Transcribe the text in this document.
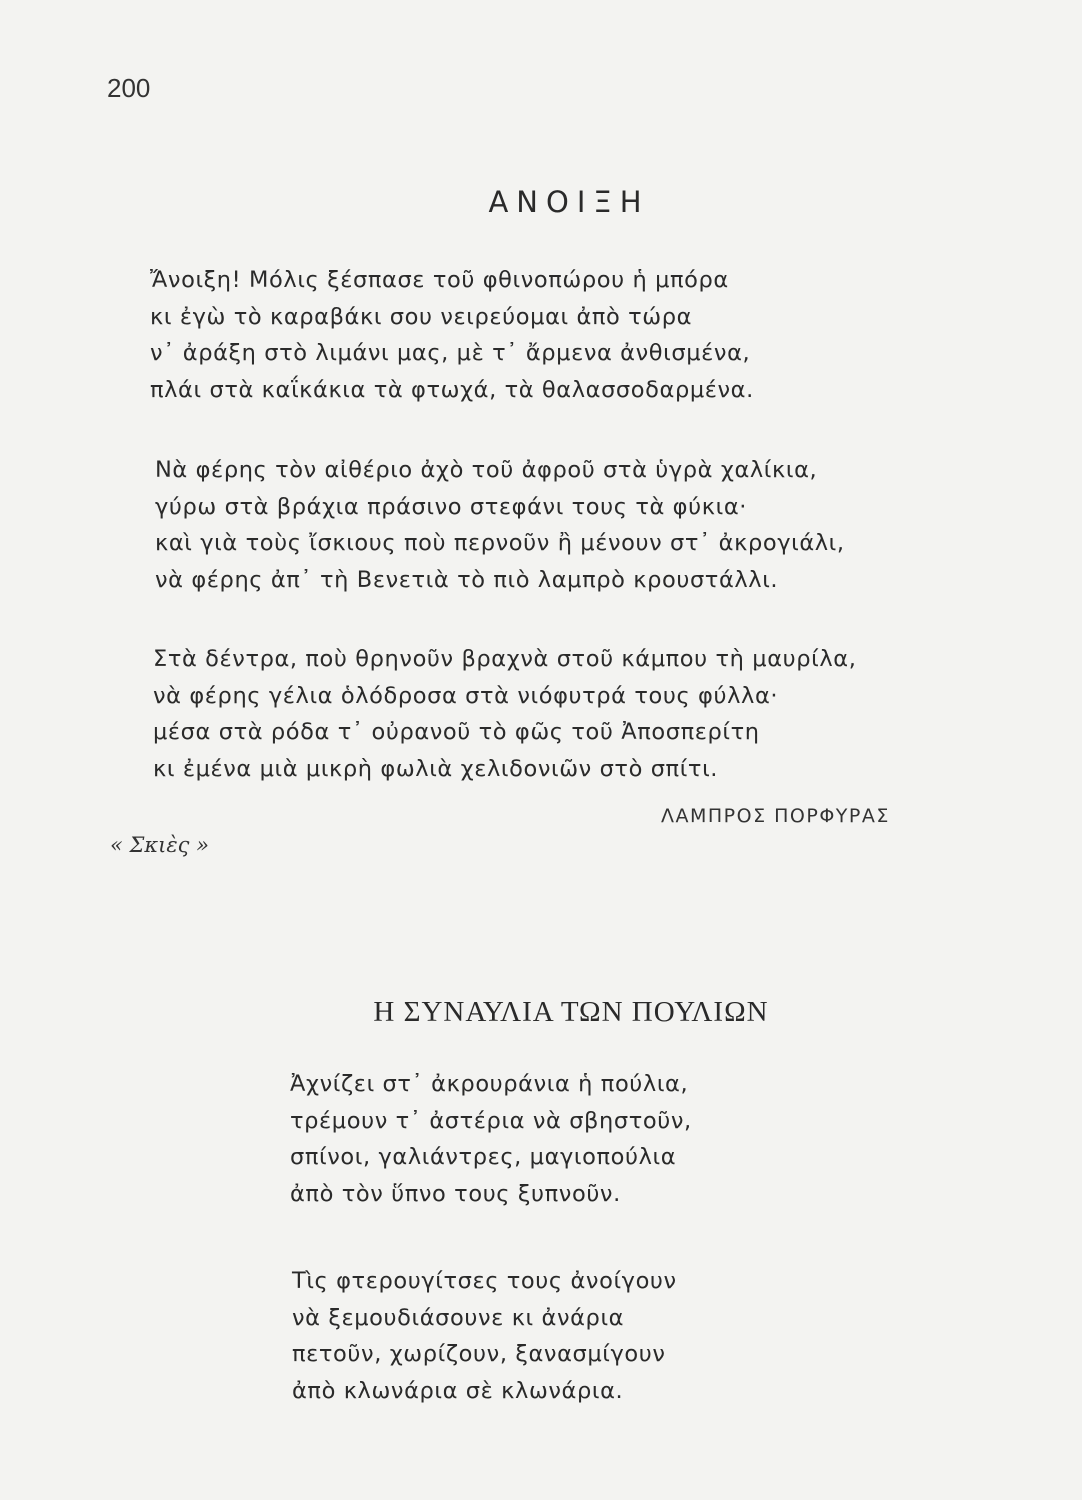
200
ΑΝΟΙΞΗ
Ἄνοιξη! Μόλις ξέσπασε τοῦ φθινοπώρου ἡ μπόρα
κι ἐγὼ τὸ καραβάκι σου νειρεύομαι ἀπὸ τώρα
ν᾽ ἀράξη στὸ λιμάνι μας, μὲ τ᾽ ἄρμενα ἀνθισμένα,
πλάι στὰ καΐκάκια τὰ φτωχά, τὰ θαλασσοδαρμένα.
Νὰ φέρης τὸν αἰθέριο ἀχὸ τοῦ ἀφροῦ στὰ ὑγρὰ χαλίκια,
γύρω στὰ βράχια πράσινο στεφάνι τους τὰ φύκια·
καὶ γιὰ τοὺς ἴσκιους ποὺ περνοῦν ἢ μένουν στ᾽ ἀκρογιάλι,
νὰ φέρης ἀπ᾽ τὴ Βενετιὰ τὸ πιὸ λαμπρὸ κρουστάλλι.
Στὰ δέντρα, ποὺ θρηνοῦν βραχνὰ στοῦ κάμπου τὴ μαυρίλα,
νὰ φέρης γέλια ὁλόδροσα στὰ νιόφυτρά τους φύλλα·
μέσα στὰ ρόδα τ᾽ οὐρανοῦ τὸ φῶς τοῦ Ἀποσπερίτη
κι ἐμένα μιὰ μικρὴ φωλιὰ χελιδονιῶν στὸ σπίτι.
ΛΑΜΠΡΟΣ ΠΟΡΦΥΡΑΣ
« Σκιὲς »
Η ΣΥΝΑΥΛΙΑ ΤΩΝ ΠΟΥΛΙΩΝ
Ἀχνίζει στ᾽ ἀκρουράνια ἡ πούλια,
τρέμουν τ᾽ ἀστέρια νὰ σβηστοῦν,
σπίνοι, γαλιάντρες, μαγιοπούλια
ἀπὸ τὸν ὕπνο τους ξυπνοῦν.
Τὶς φτερουγίτσες τους ἀνοίγουν
νὰ ξεμουδιάσουνε κι ἀνάρια
πετοῦν, χωρίζουν, ξανασμίγουν
ἀπὸ κλωνάρια σὲ κλωνάρια.
